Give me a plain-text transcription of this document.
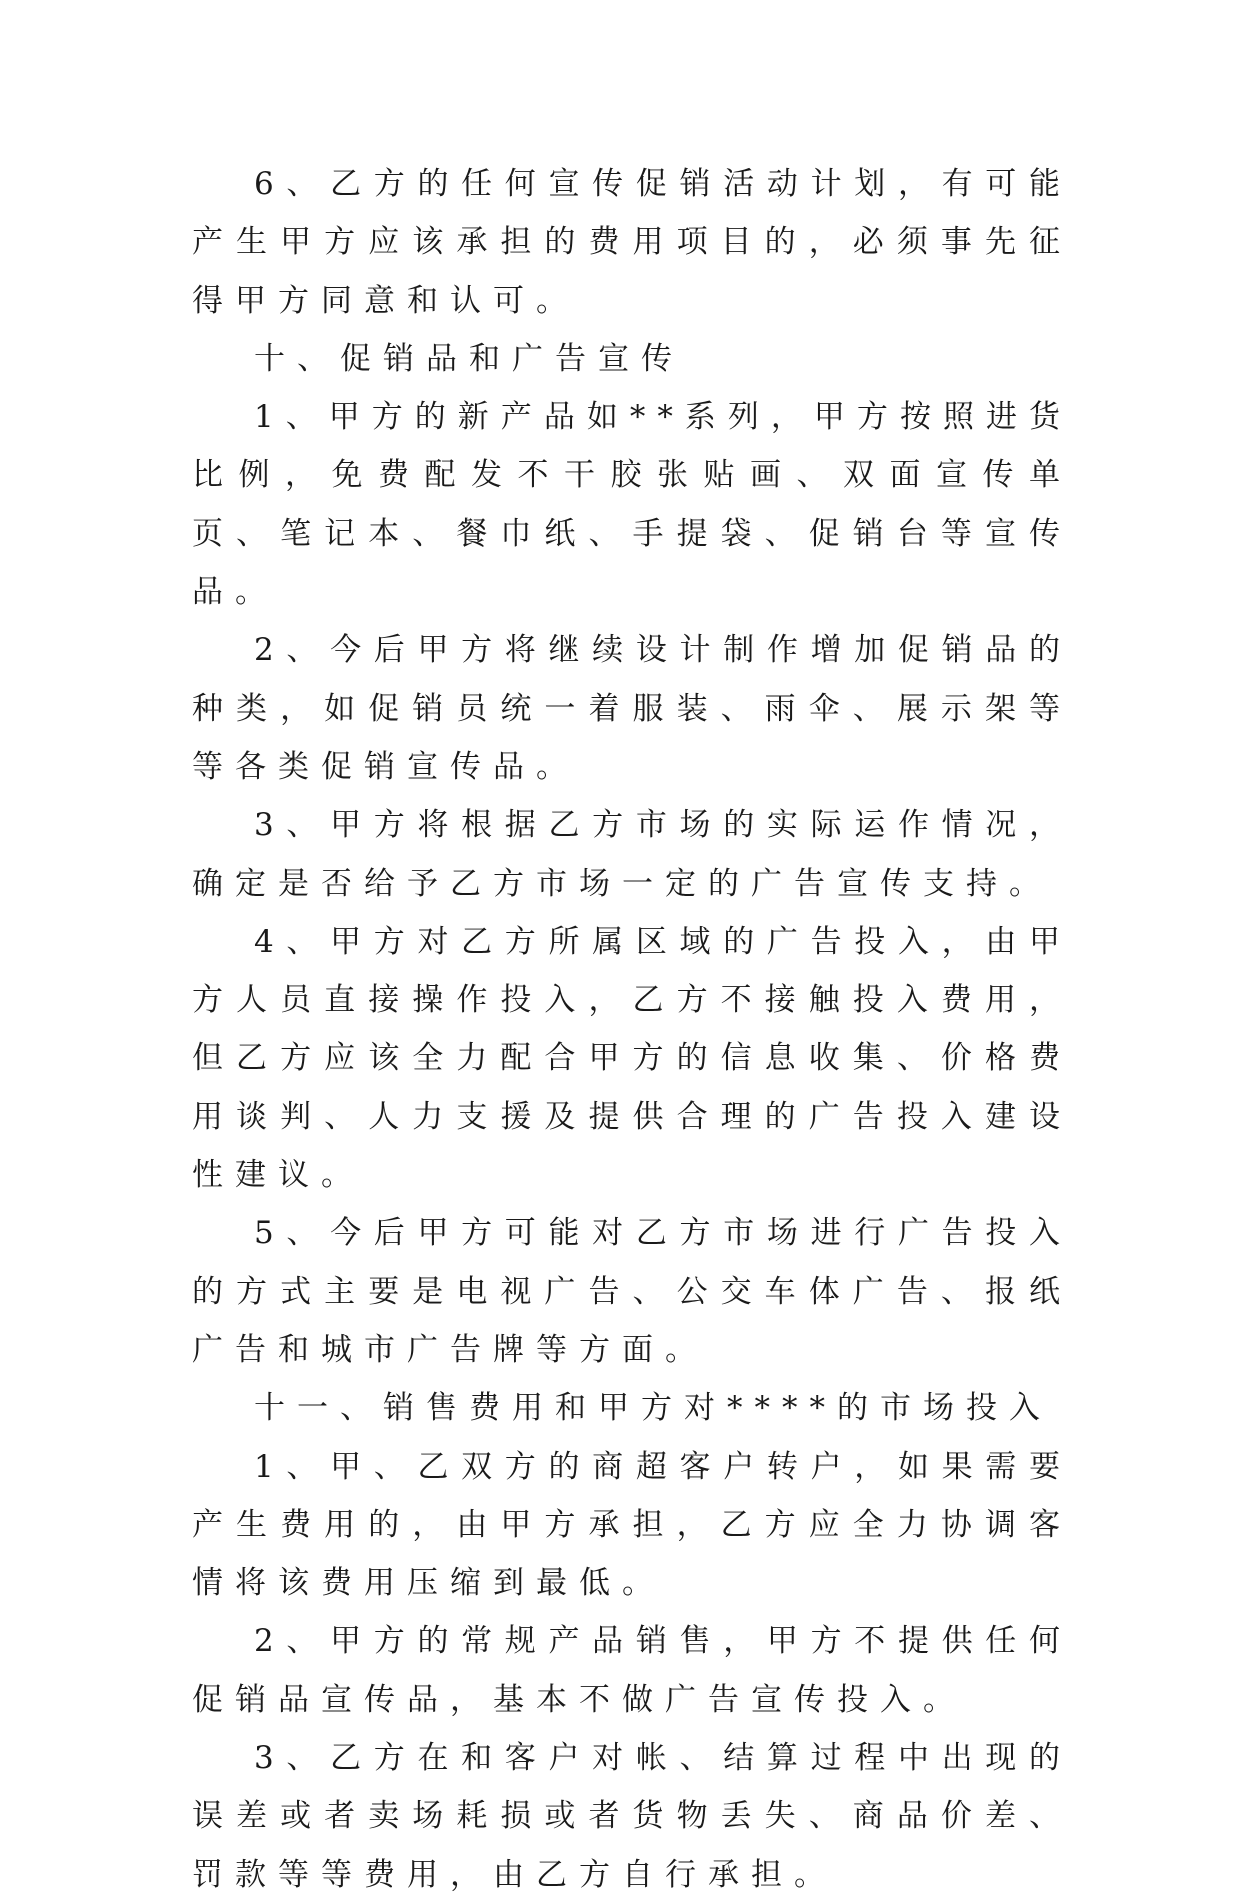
6、乙方的任何宣传促销活动计划，有可能产生甲方应该承担的费用项目的，必须事先征得甲方同意和认可。

十、促销品和广告宣传

1、甲方的新产品如**系列，甲方按照进货比例，免费配发不干胶张贴画、双面宣传单页、笔记本、餐巾纸、手提袋、促销台等宣传品。

2、今后甲方将继续设计制作增加促销品的种类，如促销员统一着服装、雨伞、展示架等等各类促销宣传品。

3、甲方将根据乙方市场的实际运作情况，确定是否给予乙方市场一定的广告宣传支持。

4、甲方对乙方所属区域的广告投入，由甲方人员直接操作投入，乙方不接触投入费用，但乙方应该全力配合甲方的信息收集、价格费用谈判、人力支援及提供合理的广告投入建设性建议。

5、今后甲方可能对乙方市场进行广告投入的方式主要是电视广告、公交车体广告、报纸广告和城市广告牌等方面。

十一、销售费用和甲方对****的市场投入

1、甲、乙双方的商超客户转户，如果需要产生费用的，由甲方承担，乙方应全力协调客情将该费用压缩到最低。

2、甲方的常规产品销售，甲方不提供任何促销品宣传品，基本不做广告宣传投入。

3、乙方在和客户对帐、结算过程中出现的误差或者卖场耗损或者货物丢失、商品价差、罚款等等费用，由乙方自行承担。
